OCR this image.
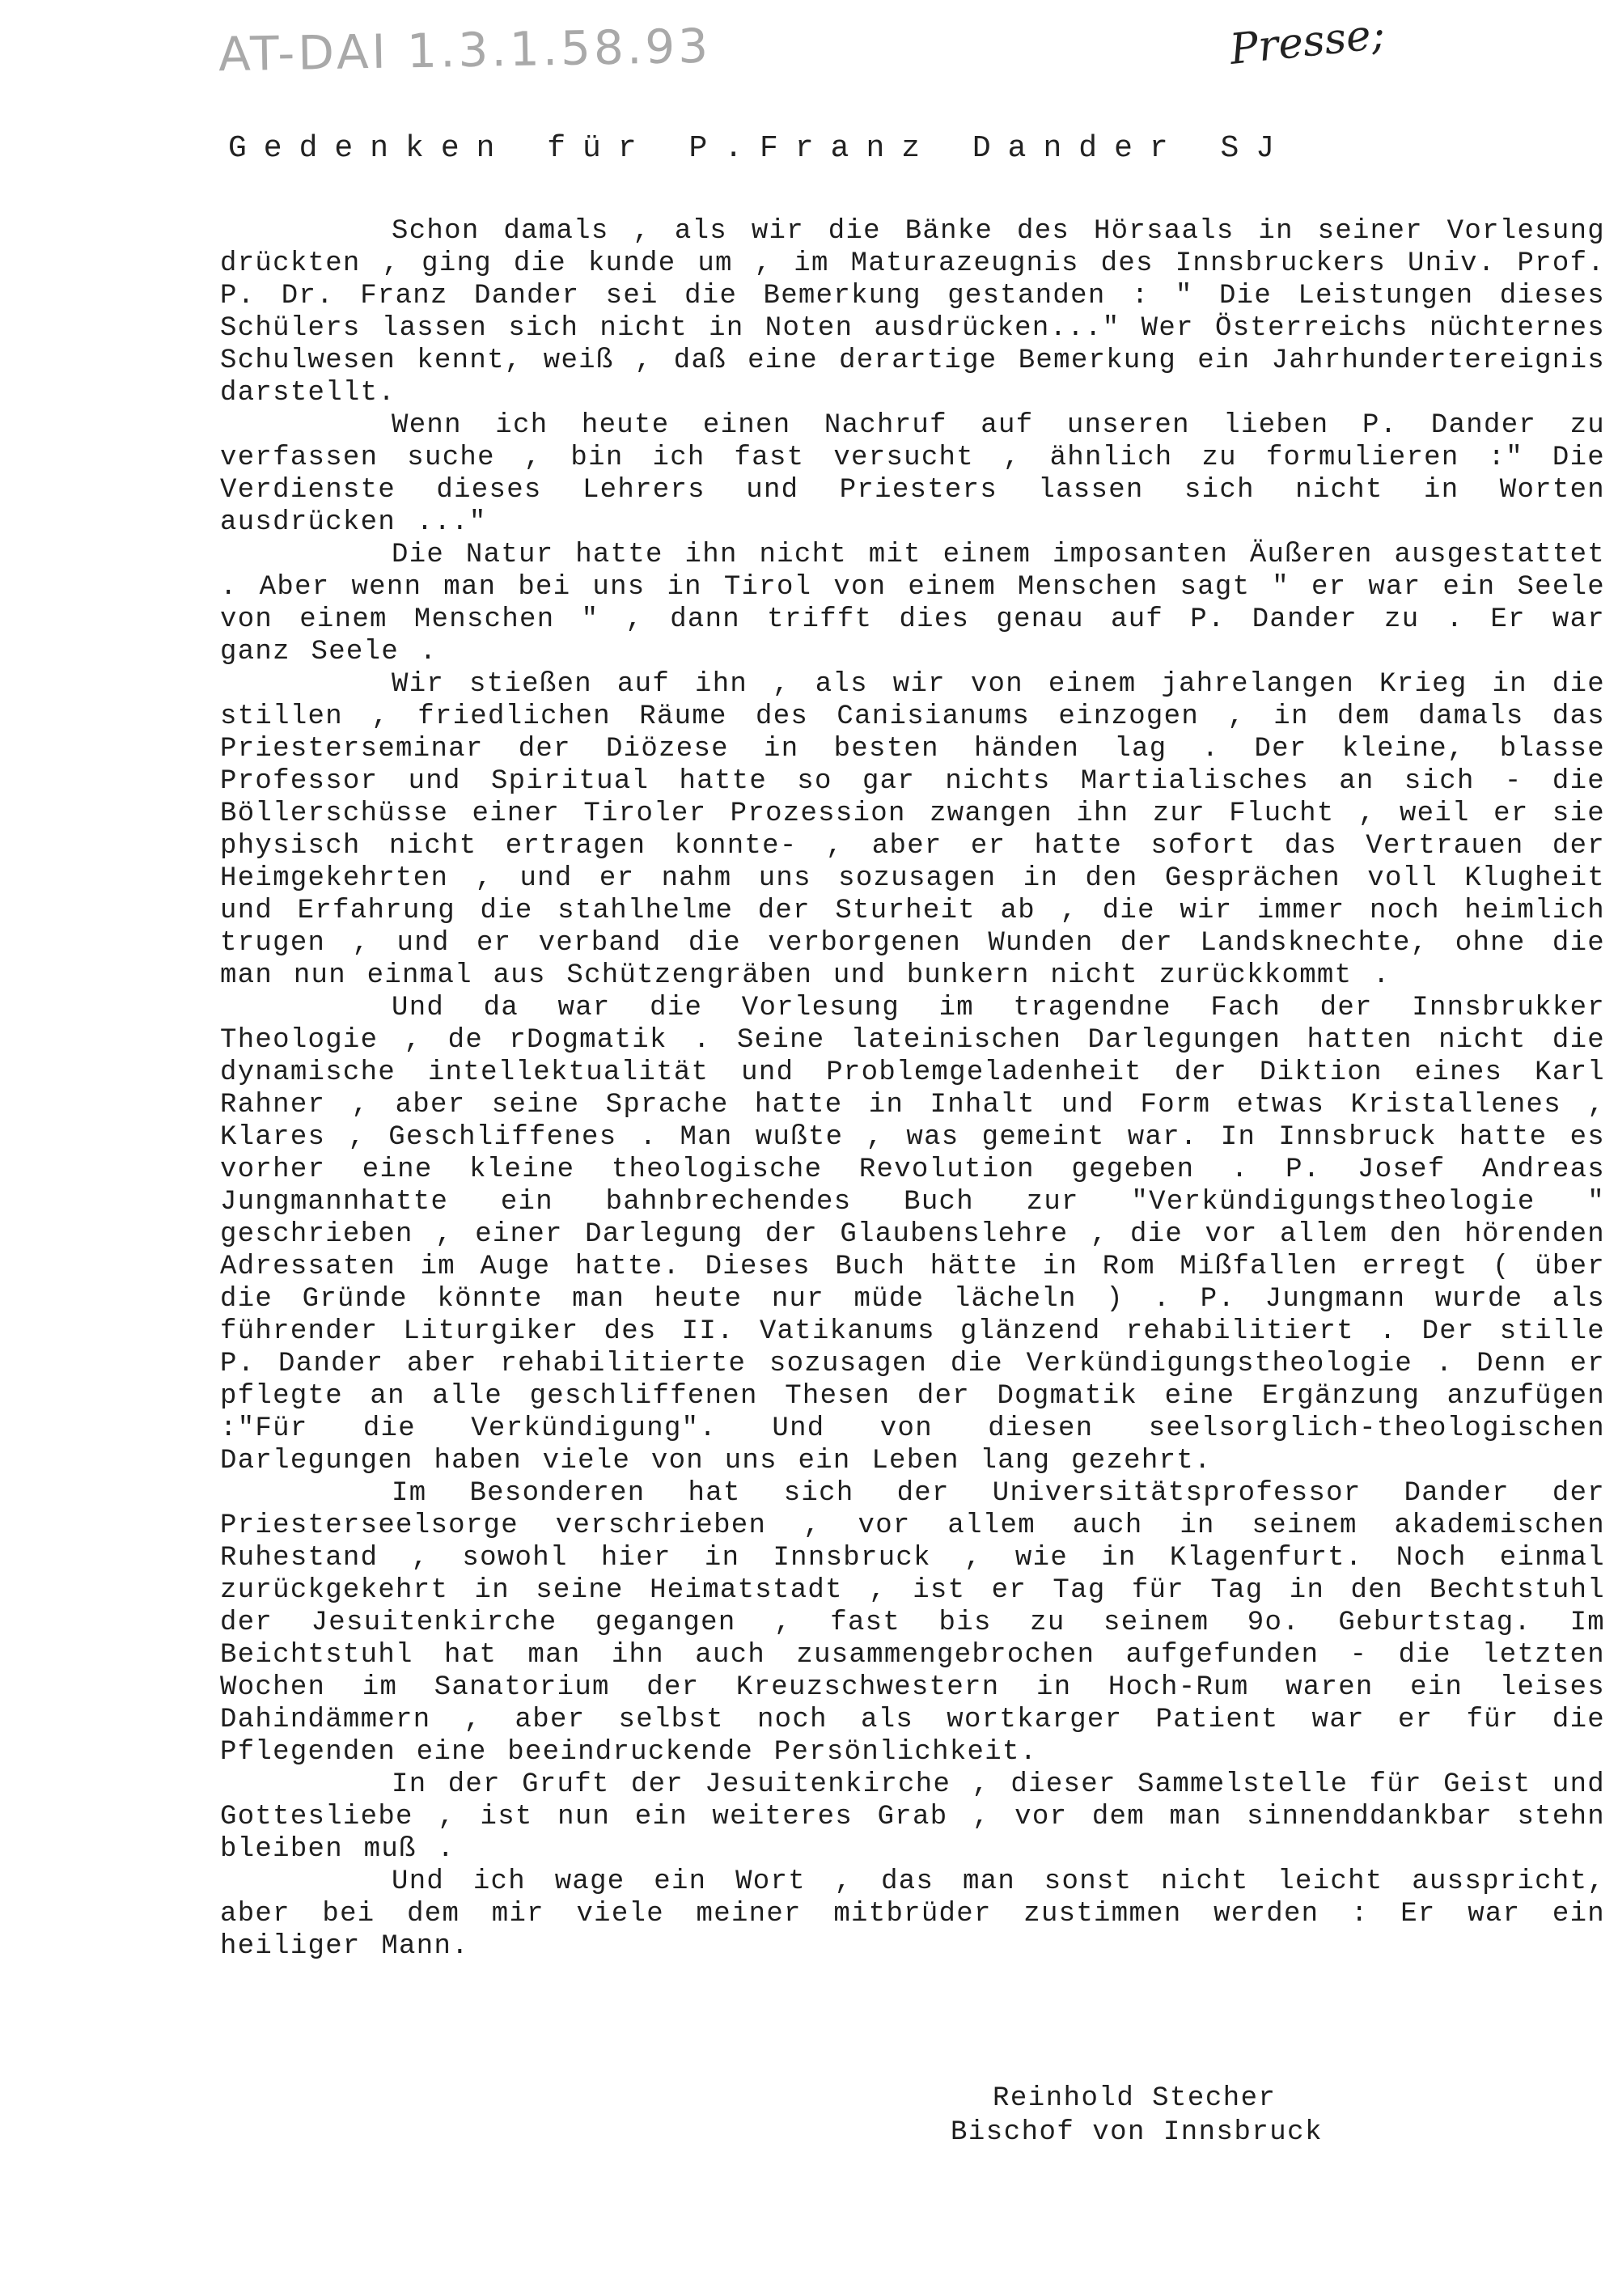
AT-DAI 1.3.1.58.93	Presse;
Gedenken für P.Franz Dander SJ

Schon damals , als wir die Bänke des Hörsaals in seiner Vorlesung drückten , ging die kunde um , im Maturazeugnis des Innsbruckers Univ. Prof. P. Dr. Franz Dander sei die Bemerkung gestanden : " Die Leistungen dieses Schülers lassen sich nicht in Noten ausdrücken..." Wer Österreichs nüchternes Schulwesen kennt, weiß , daß eine derartige Bemerkung ein Jahrhundertereignis darstellt.

Wenn ich heute einen Nachruf auf unseren lieben P. Dander zu verfassen suche , bin ich fast versucht , ähnlich zu formulieren :" Die Verdienste dieses Lehrers und Priesters lassen sich nicht in Worten ausdrücken ..."

Die Natur hatte ihn nicht mit einem imposanten Äußeren ausgestattet . Aber wenn man bei uns in Tirol von einem Menschen sagt " er war ein Seele von einem Menschen " , dann trifft dies genau auf P. Dander zu . Er war ganz Seele .

Wir stießen auf ihn , als wir von einem jahrelangen Krieg in die stillen , friedlichen Räume des Canisianums einzogen , in dem damals das Priesterseminar der Diözese in besten händen lag . Der kleine, blasse Professor und Spiritual hatte so gar nichts Martialisches an sich - die Böllerschüsse einer Tiroler Prozession zwangen ihn zur Flucht , weil er sie physisch nicht ertragen konnte- , aber er hatte sofort das Vertrauen der Heimgekehrten , und er nahm uns sozusagen in den Gesprächen voll Klugheit und Erfahrung die stahlhelme der Sturheit ab , die wir immer noch heimlich trugen , und er verband die verborgenen Wunden der Landsknechte, ohne die man nun einmal aus Schützengräben und bunkern nicht zurückkommt .

Und da war die Vorlesung im tragendne Fach der Innsbrukker Theologie , de rDogmatik . Seine lateinischen Darlegungen hatten nicht die dynamische intellektualität und Problemgeladenheit der Diktion eines Karl Rahner , aber seine Sprache hatte in Inhalt und Form etwas Kristallenes , Klares , Geschliffenes . Man wußte , was gemeint war. In Innsbruck hatte es vorher eine kleine theologische Revolution gegeben . P. Josef Andreas Jungmannhatte ein bahnbrechendes Buch zur "Verkündigungstheologie " geschrieben , einer Darlegung der Glaubenslehre , die vor allem den hörenden Adressaten im Auge hatte. Dieses Buch hätte in Rom Mißfallen erregt ( über die Gründe könnte man heute nur müde lächeln ) . P. Jungmann wurde als führender Liturgiker des II. Vatikanums glänzend rehabilitiert . Der stille P. Dander aber rehabilitierte sozusagen die Verkündigungstheologie . Denn er pflegte an alle geschliffenen Thesen der Dogmatik eine Ergänzung anzufügen :"Für die Verkündigung". Und von diesen seelsorglich-theologischen Darlegungen haben viele von uns ein Leben lang gezehrt.

Im Besonderen hat sich der Universitätsprofessor Dander der Priesterseelsorge verschrieben , vor allem auch in seinem akademischen Ruhestand , sowohl hier in Innsbruck , wie in Klagenfurt. Noch einmal zurückgekehrt in seine Heimatstadt , ist er Tag für Tag in den Bechtstuhl der Jesuitenkirche gegangen , fast bis zu seinem 9o. Geburtstag. Im Beichtstuhl hat man ihn auch zusammengebrochen aufgefunden - die letzten Wochen im Sanatorium der Kreuzschwestern in Hoch-Rum waren ein leises Dahindämmern , aber selbst noch als wortkarger Patient war er für die Pflegenden eine beeindruckende Persönlichkeit.

In der Gruft der Jesuitenkirche , dieser Sammelstelle für Geist und Gottesliebe , ist nun ein weiteres Grab , vor dem man sinnenddankbar stehn bleiben muß .

Und ich wage ein Wort , das man sonst nicht leicht ausspricht, aber bei dem mir viele meiner mitbrüder zustimmen werden : Er war ein heiliger Mann.

Reinhold Stecher
Bischof von Innsbruck
